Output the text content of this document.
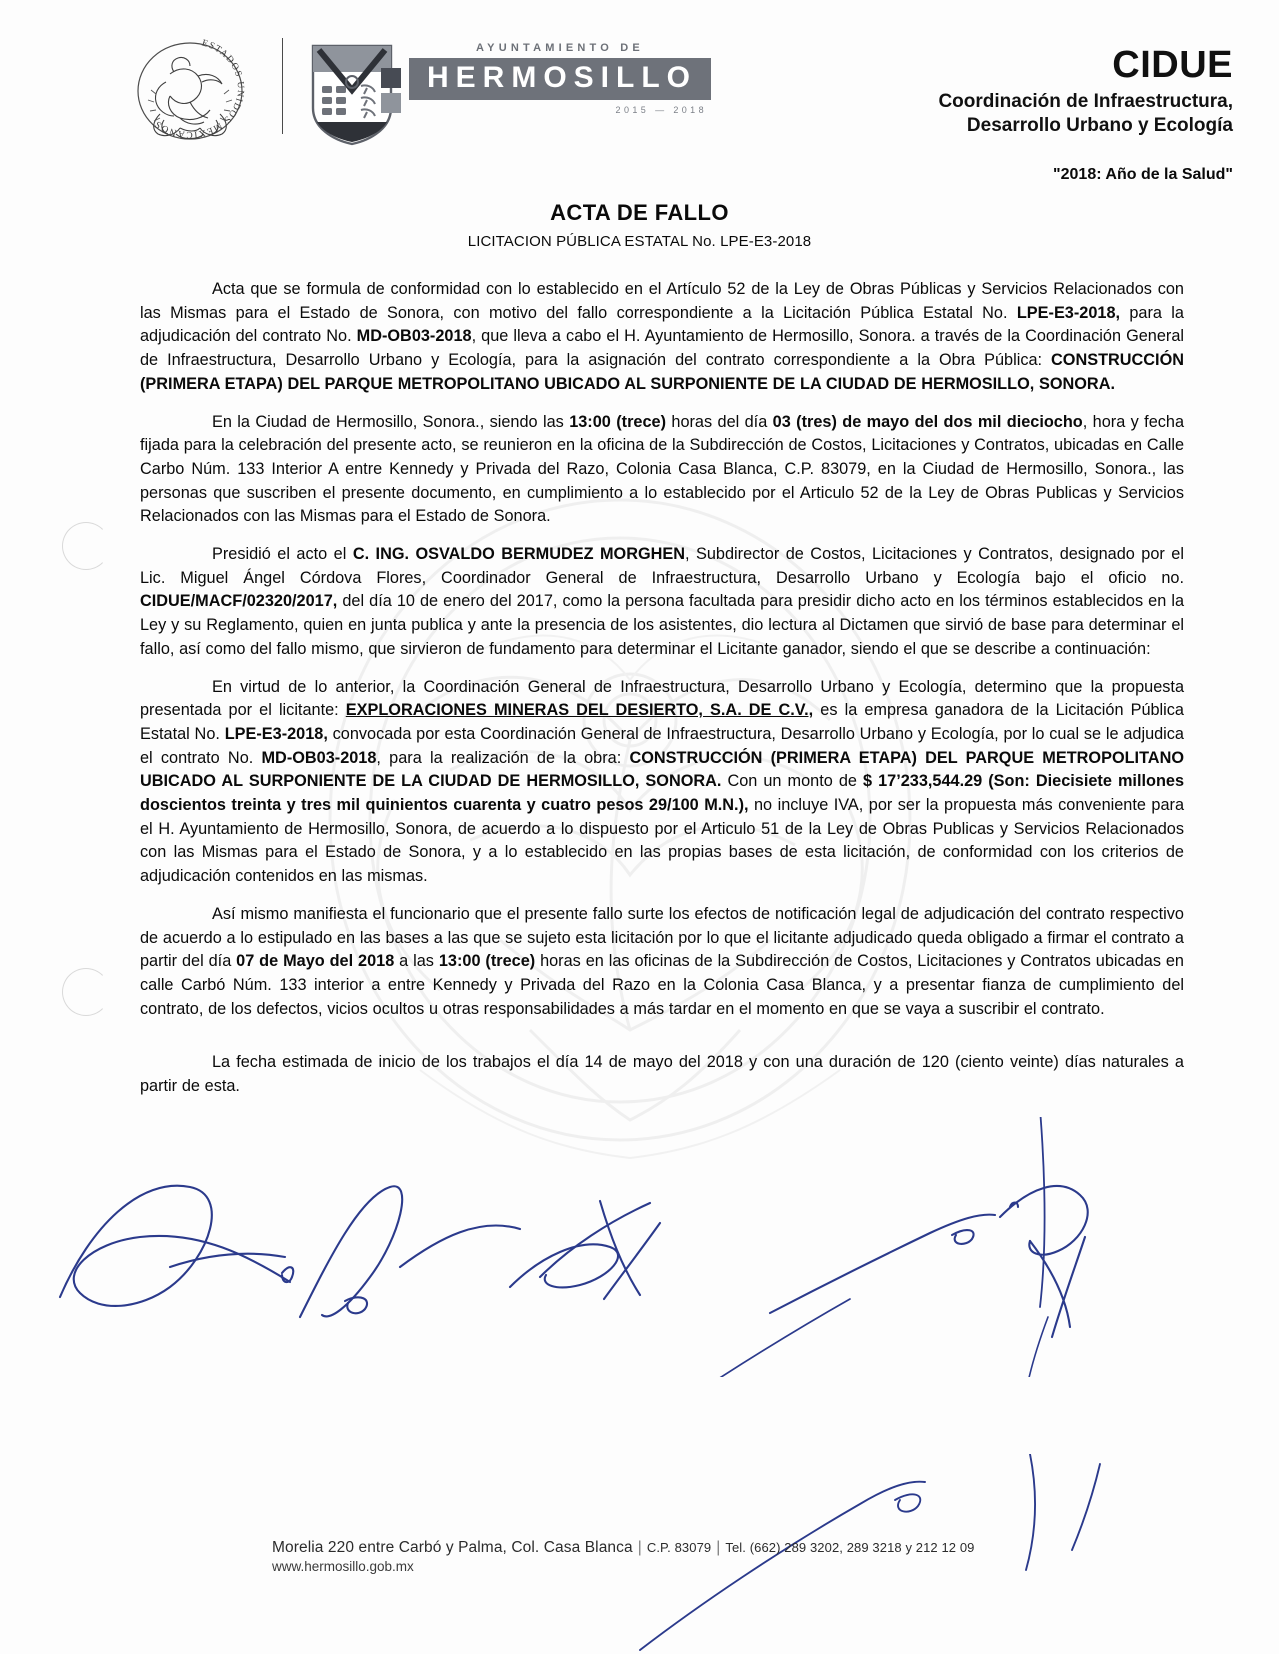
ESTADOS UNIDOS MEXICANOS
AYUNTAMIENTO DE
HERMOSILLO
2015 — 2018
CIDUE
Coordinación de Infraestructura,
Desarrollo Urbano y Ecología
"2018: Año de la Salud"
ACTA DE FALLO
LICITACION PÚBLICA ESTATAL No. LPE-E3-2018

Acta que se formula de conformidad con lo establecido en el Artículo 52 de la Ley de Obras Públicas y Servicios Relacionados con las Mismas para el Estado de Sonora, con motivo del fallo correspondiente a la Licitación Pública Estatal No. LPE-E3-2018, para la adjudicación del contrato No. MD-OB03-2018, que lleva a cabo el H. Ayuntamiento de Hermosillo, Sonora. a través de la Coordinación General de Infraestructura, Desarrollo Urbano y Ecología, para la asignación del contrato correspondiente a la Obra Pública: CONSTRUCCIÓN (PRIMERA ETAPA) DEL PARQUE METROPOLITANO UBICADO AL SURPONIENTE DE LA CIUDAD DE HERMOSILLO, SONORA.

En la Ciudad de Hermosillo, Sonora., siendo las 13:00 (trece) horas del día 03 (tres) de mayo del dos mil dieciocho, hora y fecha fijada para la celebración del presente acto, se reunieron en la oficina de la Subdirección de Costos, Licitaciones y Contratos, ubicadas en Calle Carbo Núm. 133 Interior A entre Kennedy y Privada del Razo, Colonia Casa Blanca, C.P. 83079, en la Ciudad de Hermosillo, Sonora., las personas que suscriben el presente documento, en cumplimiento a lo establecido por el Articulo 52 de la Ley de Obras Publicas y Servicios Relacionados con las Mismas para el Estado de Sonora.

Presidió el acto el C. ING. OSVALDO BERMUDEZ MORGHEN, Subdirector de Costos, Licitaciones y Contratos, designado por el Lic. Miguel Ángel Córdova Flores, Coordinador General de Infraestructura, Desarrollo Urbano y Ecología bajo el oficio no. CIDUE/MACF/02320/2017, del día 10 de enero del 2017, como la persona facultada para presidir dicho acto en los términos establecidos en la Ley y su Reglamento, quien en junta publica y ante la presencia de los asistentes, dio lectura al Dictamen que sirvió de base para determinar el fallo, así como del fallo mismo, que sirvieron de fundamento para determinar el Licitante ganador, siendo el que se describe a continuación:

En virtud de lo anterior, la Coordinación General de Infraestructura, Desarrollo Urbano y Ecología, determino que la propuesta presentada por el licitante: EXPLORACIONES MINERAS DEL DESIERTO, S.A. DE C.V., es la empresa ganadora de la Licitación Pública Estatal No. LPE-E3-2018, convocada por esta Coordinación General de Infraestructura, Desarrollo Urbano y Ecología, por lo cual se le adjudica el contrato No. MD-OB03-2018, para la realización de la obra: CONSTRUCCIÓN (PRIMERA ETAPA) DEL PARQUE METROPOLITANO UBICADO AL SURPONIENTE DE LA CIUDAD DE HERMOSILLO, SONORA. Con un monto de $ 17’233,544.29 (Son: Diecisiete millones doscientos treinta y tres mil quinientos cuarenta y cuatro pesos 29/100 M.N.), no incluye IVA, por ser la propuesta más conveniente para el H. Ayuntamiento de Hermosillo, Sonora, de acuerdo a lo dispuesto por el Articulo 51 de la Ley de Obras Publicas y Servicios Relacionados con las Mismas para el Estado de Sonora, y a lo establecido en las propias bases de esta licitación, de conformidad con los criterios de adjudicación contenidos en las mismas.

Así mismo manifiesta el funcionario que el presente fallo surte los efectos de notificación legal de adjudicación del contrato respectivo de acuerdo a lo estipulado en las bases a las que se sujeto esta licitación por lo que el licitante adjudicado queda obligado a firmar el contrato a partir del día 07 de Mayo del 2018 a las 13:00 (trece) horas en las oficinas de la Subdirección de Costos, Licitaciones y Contratos ubicadas en calle Carbó Núm. 133 interior a entre Kennedy y Privada del Razo en la Colonia Casa Blanca, y a presentar fianza de cumplimiento del contrato, de los defectos, vicios ocultos u otras responsabilidades a más tardar en el momento en que se vaya a suscribir el contrato.

La fecha estimada de inicio de los trabajos el día 14 de mayo del 2018 y con una duración de 120 (ciento veinte) días naturales a partir de esta.

Morelia 220 entre Carbó y Palma, Col. Casa Blanca | C.P. 83079 | Tel. (662) 289 3202, 289 3218 y 212 12 09
www.hermosillo.gob.mx
